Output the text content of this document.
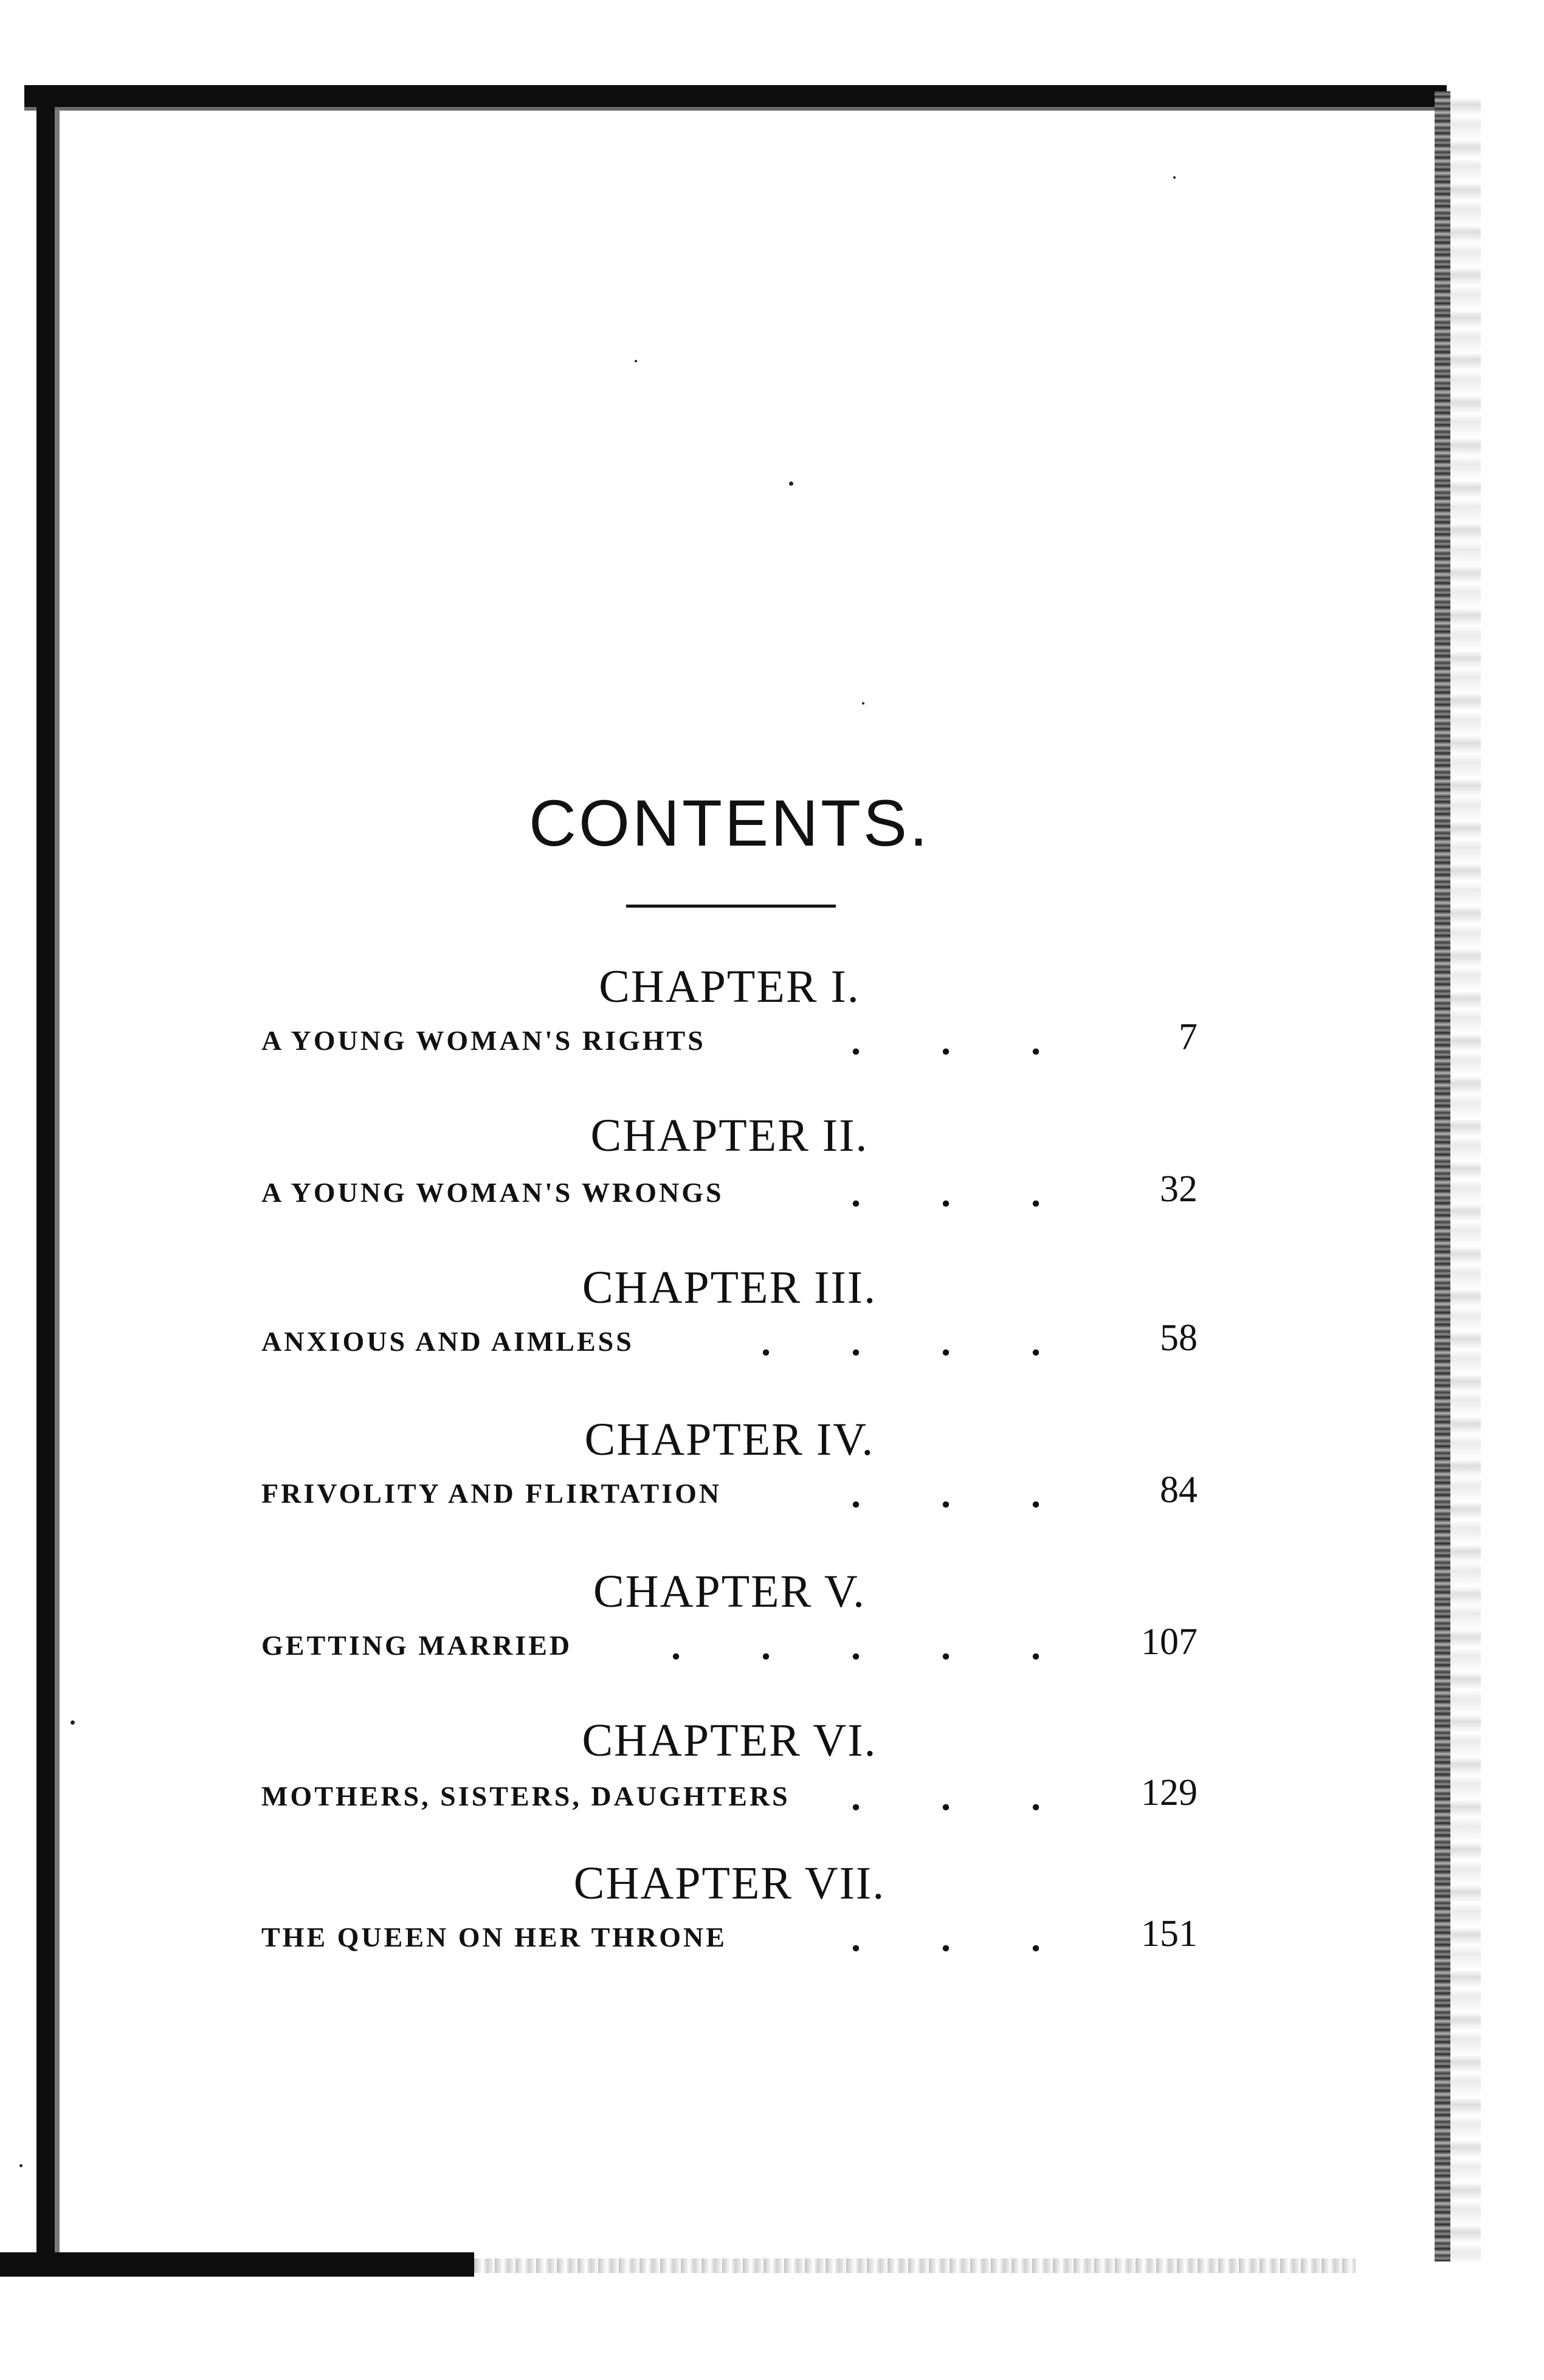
CONTENTS.
CHAPTER I.
A YOUNG WOMAN'S RIGHTS	. . .	7
CHAPTER II.
A YOUNG WOMAN'S WRONGS	. . . 32
CHAPTER III.
ANXIOUS AND AIMLESS	. . . . 58
CHAPTER IV.
FRIVOLITY AND FLIRTATION	. . . 84
CHAPTER V.
GETTING MARRIED	. . . . . 107
CHAPTER VI.
MOTHERS, SISTERS, DAUGHTERS . . . 129
CHAPTER VII.
THE QUEEN ON HER THRONE	. . . 151
